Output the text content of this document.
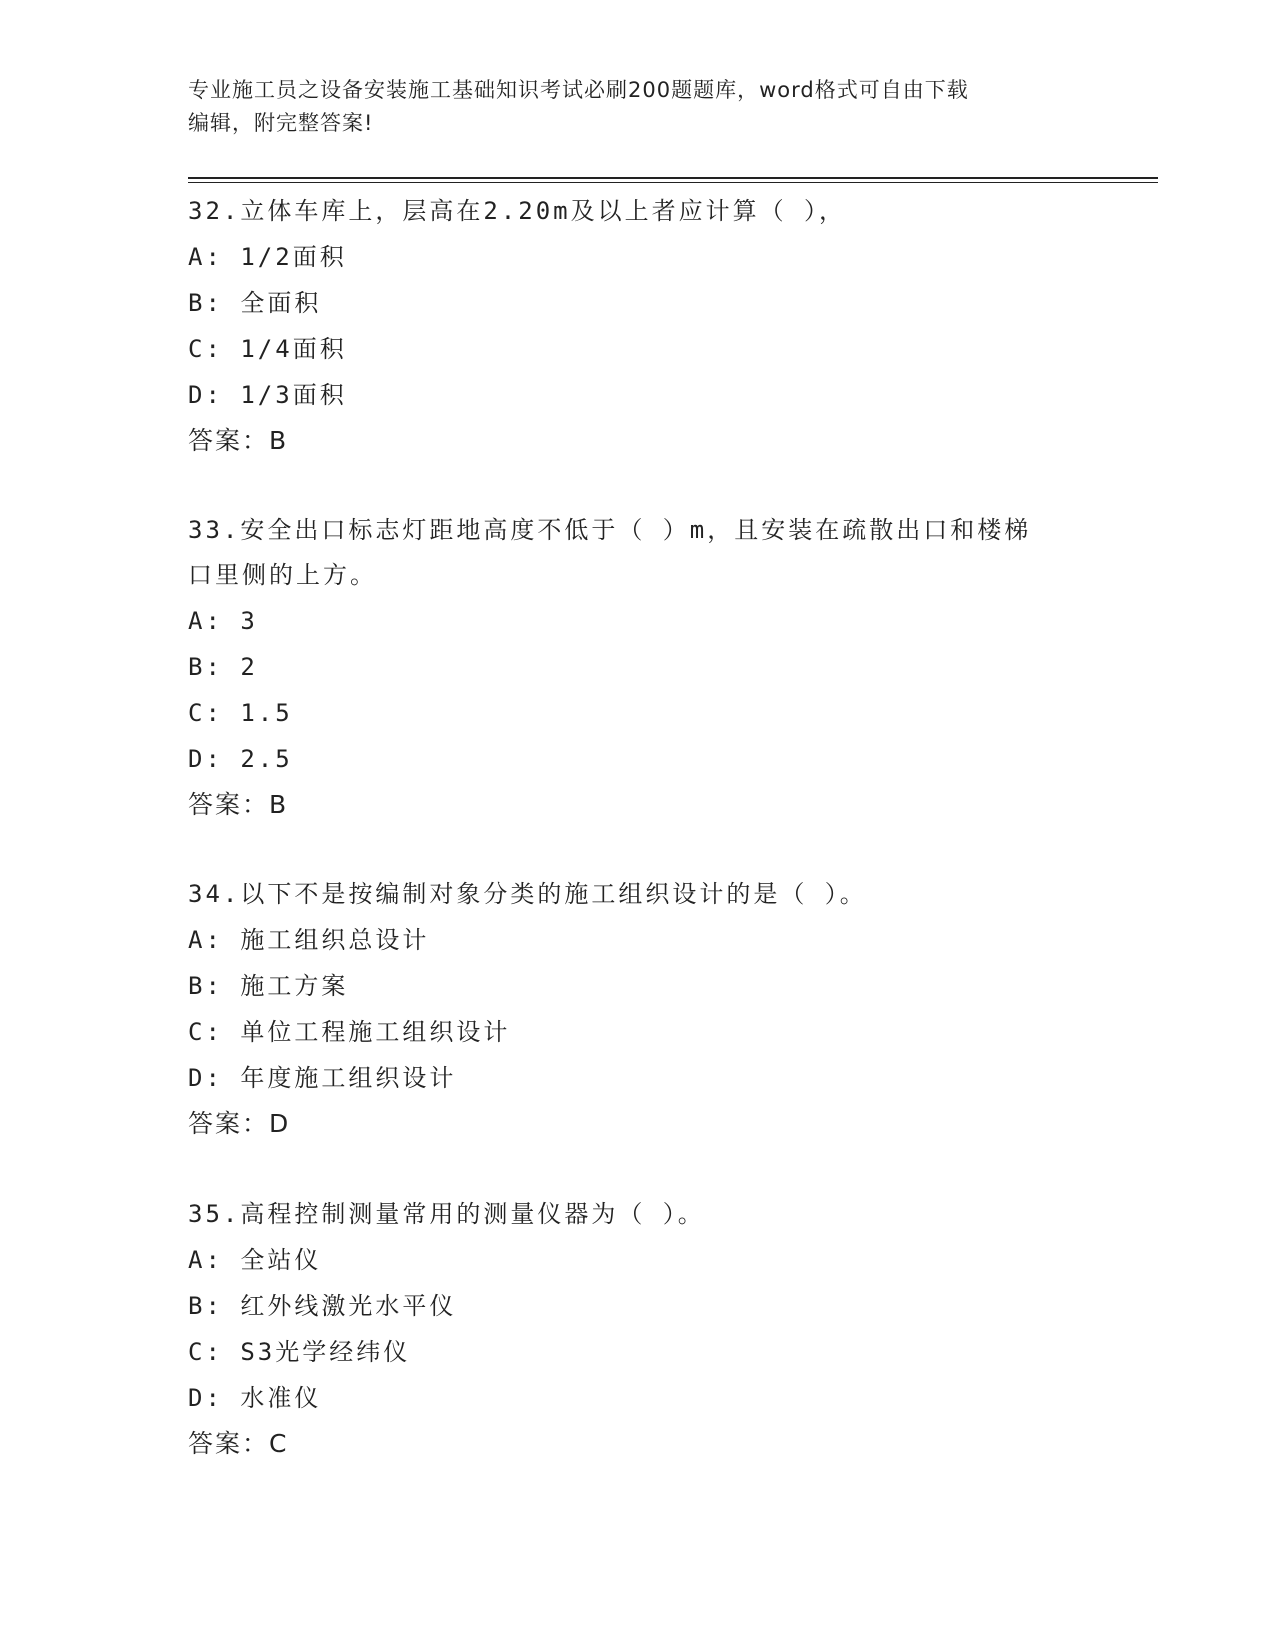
专业施工员之设备安装施工基础知识考试必刷200题题库，word格式可自由下载
编辑，附完整答案!

32.立体车库上，层高在2.20m及以上者应计算（ ），

A: 1/2面积

B: 全面积

C: 1/4面积

D: 1/3面积

答案：B

33.安全出口标志灯距地高度不低于（ ）m，且安装在疏散出口和楼梯

口里侧的上方。

A: 3

B: 2

C: 1.5

D: 2.5

答案：B

34.以下不是按编制对象分类的施工组织设计的是（ ）。

A: 施工组织总设计

B: 施工方案

C: 单位工程施工组织设计

D: 年度施工组织设计

答案：D

35.高程控制测量常用的测量仪器为（ ）。

A: 全站仪

B: 红外线激光水平仪

C: S3光学经纬仪

D: 水准仪

答案：C
